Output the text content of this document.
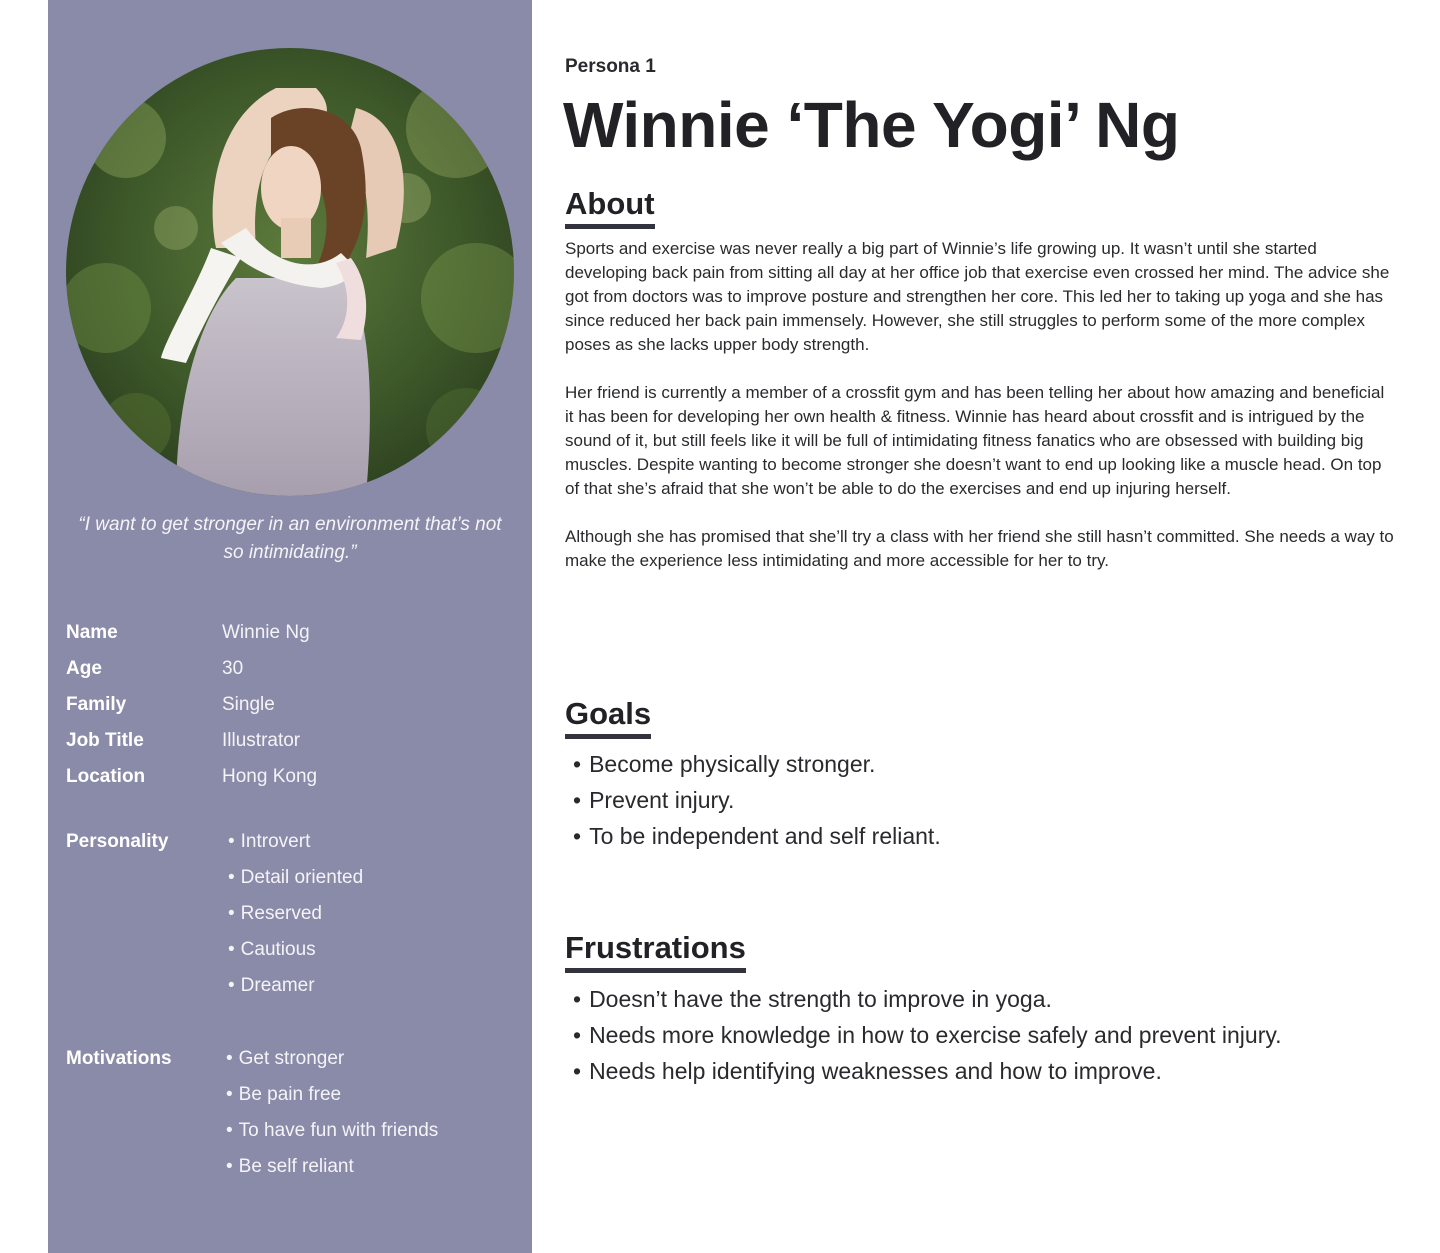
“I want to get stronger in an environment that’s not so intimidating.”
Name	Winnie Ng
Age	30
Family	Single
Job Title	Illustrator
Location	Hong Kong
Personality	• Introvert
• Detail oriented
• Reserved
• Cautious
• Dreamer
Motivations	• Get stronger
• Be pain free
• To have fun with friends
• Be self reliant
Persona 1
Winnie ‘The Yogi’ Ng
About

Sports and exercise was never really a big part of Winnie’s life growing up. It wasn’t until she started developing back pain from sitting all day at her office job that exercise even crossed her mind. The advice she got from doctors was to improve posture and strengthen her core. This led her to taking up yoga and she has since reduced her back pain immensely. However, she still struggles to perform some of the more complex poses as she lacks upper body strength.

Her friend is currently a member of a crossfit gym and has been telling her about how amazing and beneficial it has been for developing her own health & fitness. Winnie has heard about crossfit and is intrigued by the sound of it, but still feels like it will be full of intimidating fitness fanatics who are obsessed with building big muscles. Despite wanting to become stronger she doesn’t want to end up looking like a muscle head. On top of that she’s afraid that she won’t be able to do the exercises and end up injuring herself.

Although she has promised that she’ll try a class with her friend she still hasn’t committed. She needs a way to make the experience less intimidating and more accessible for her to try.

Goals
• Become physically stronger.
• Prevent injury.
• To be independent and self reliant.
Frustrations
• Doesn’t have the strength to improve in yoga.
• Needs more knowledge in how to exercise safely and prevent injury.
• Needs help identifying weaknesses and how to improve.
